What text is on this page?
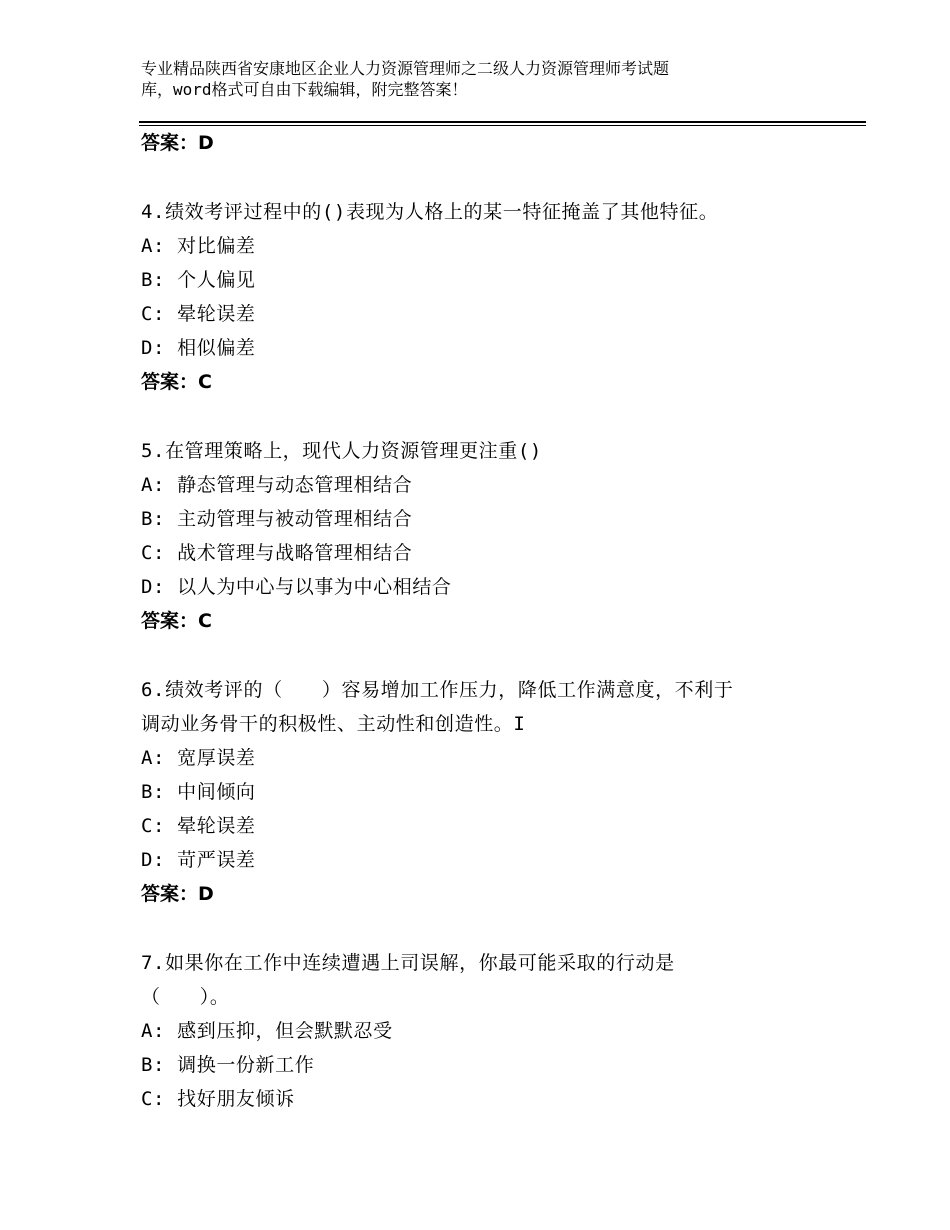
专业精品陕西省安康地区企业人力资源管理师之二级人力资源管理师考试题
库，word格式可自由下载编辑，附完整答案！
答案：D
4.绩效考评过程中的()表现为人格上的某一特征掩盖了其他特征。
A: 对比偏差
B: 个人偏见
C: 晕轮误差
D: 相似偏差
答案：C
5.在管理策略上，现代人力资源管理更注重()
A: 静态管理与动态管理相结合
B: 主动管理与被动管理相结合
C: 战术管理与战略管理相结合
D: 以人为中心与以事为中心相结合
答案：C
6.绩效考评的（　　）容易增加工作压力，降低工作满意度，不利于
调动业务骨干的积极性、主动性和创造性。I
A: 宽厚误差
B: 中间倾向
C: 晕轮误差
D: 苛严误差
答案：D
7.如果你在工作中连续遭遇上司误解，你最可能采取的行动是
（　　）。
A: 感到压抑，但会默默忍受
B: 调换一份新工作
C: 找好朋友倾诉
